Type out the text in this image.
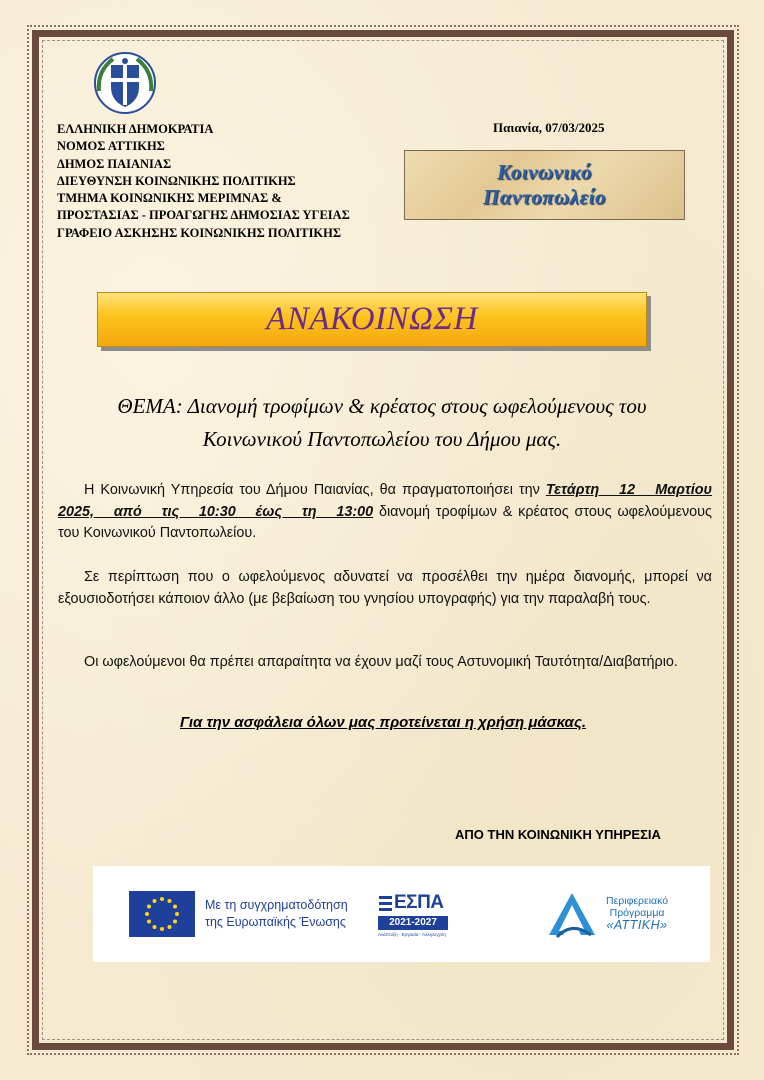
ΕΛΛΗΝΙΚΗ ΔΗΜΟΚΡΑΤΙΑ
ΝΟΜΟΣ ΑΤΤΙΚΗΣ
ΔΗΜΟΣ ΠΑΙΑΝΙΑΣ
ΔΙΕΥΘΥΝΣΗ ΚΟΙΝΩΝΙΚΗΣ ΠΟΛΙΤΙΚΗΣ
ΤΜΗΜΑ ΚΟΙΝΩΝΙΚΗΣ ΜΕΡΙΜΝΑΣ &
ΠΡΟΣΤΑΣΙΑΣ - ΠΡΟΑΓΩΓΗΣ ΔΗΜΟΣΙΑΣ ΥΓΕΙΑΣ
ΓΡΑΦΕΙΟ ΑΣΚΗΣΗΣ ΚΟΙΝΩΝΙΚΗΣ ΠΟΛΙΤΙΚΗΣ
Παιανία, 07/03/2025
Κοινωνικό
Παντοπωλείο
ΑΝΑΚΟΙΝΩΣΗ
ΘΕΜΑ: Διανομή τροφίμων & κρέατος στους ωφελούμενους του
Κοινωνικού Παντοπωλείου του Δήμου μας.
Η Κοινωνική Υπηρεσία του Δήμου Παιανίας, θα πραγματοποιήσει την Τετάρτη 12 Μαρτίου 2025, από τις 10:30 έως τη 13:00 διανομή τροφίμων & κρέατος στους ωφελούμενους του Κοινωνικού Παντοπωλείου.
Σε περίπτωση που ο ωφελούμενος αδυνατεί να προσέλθει την ημέρα διανομής, μπορεί να εξουσιοδοτήσει κάποιον άλλο (με βεβαίωση του γνησίου υπογραφής) για την παραλαβή τους.
Οι ωφελούμενοι θα πρέπει απαραίτητα να έχουν μαζί τους Αστυνομική Ταυτότητα/Διαβατήριο.
Για την ασφάλεια όλων μας προτείνεται η χρήση μάσκας.
ΑΠΟ ΤΗΝ ΚΟΙΝΩΝΙΚΗ ΥΠΗΡΕΣΙΑ
Με τη συγχρηματοδότηση
της Ευρωπαϊκής Ένωσης
ΕΣΠΑ
2021-2027
Ανάπτυξη - Εργασία - Αλληλεγγύη
Περιφερειακό
Πρόγραμμα
«ΑΤΤΙΚΗ»
